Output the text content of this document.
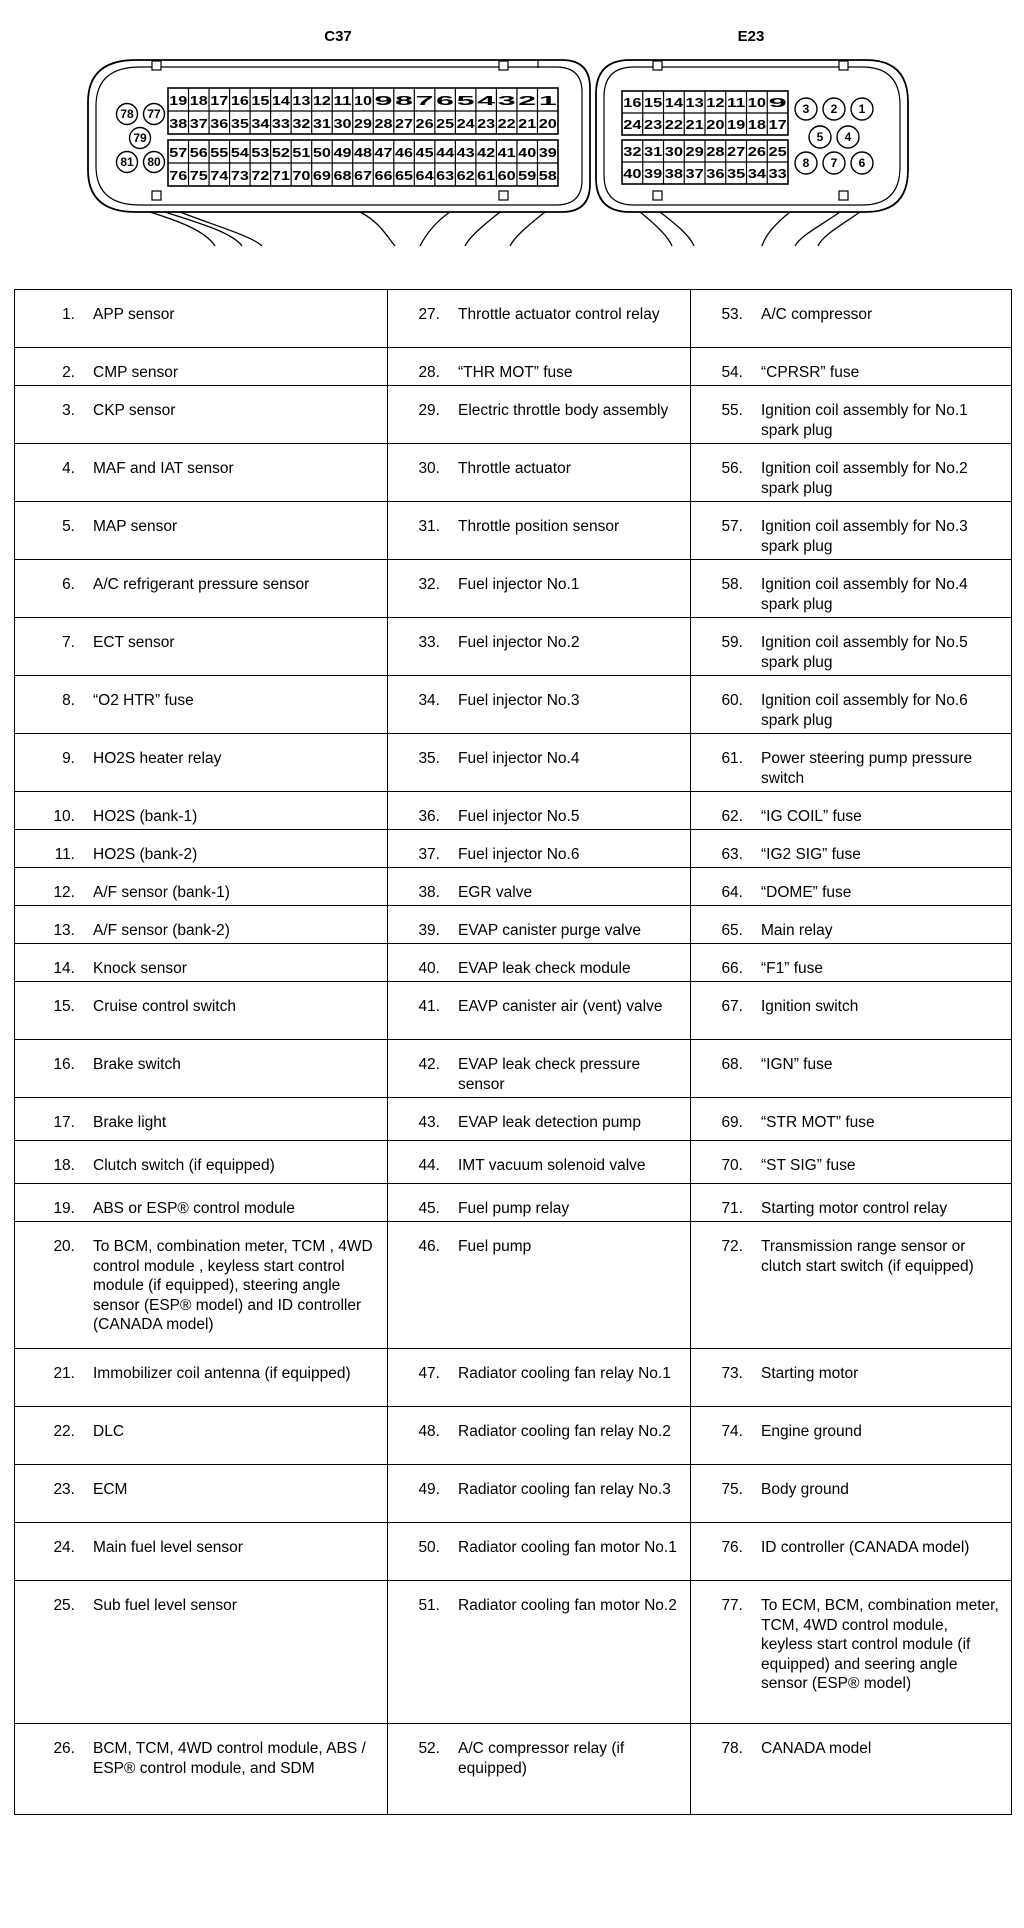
C37
19 18 17 16 15 14 13 12 11 10 9 8 7 6 5 4 3 2 1
38 37 36 35 34 33 32 31 30 29 28 27 26 25 24 23 22 21 20
57 56 55 54 53 52 51 50 49 48 47 46 45 44 43 42 41 40 39
76 75 74 73 72 71 70 69 68 67 66 65 64 63 62 61 60 59 58
78 77
79
81 80
E23
16 15 14 13 12 11 10 9
24 23 22 21 20 19 18 17
32 31 30 29 28 27 26 25
40 39 38 37 36 35 34 33
3 2 1
5 4
8 7 6
1. APP sensor	27. Throttle actuator control relay	53. A/C compressor

2. CMP sensor	28. “THR MOT” fuse	54. “CPRSR” fuse

3. CKP sensor	29. Electric throttle body assembly	55. Ignition coil assembly for No.1 spark plug

4. MAF and IAT sensor	30. Throttle actuator	56. Ignition coil assembly for No.2 spark plug

5. MAP sensor	31. Throttle position sensor	57. Ignition coil assembly for No.3 spark plug

6. A/C refrigerant pressure sensor	32. Fuel injector No.1	58. Ignition coil assembly for No.4 spark plug

7. ECT sensor	33. Fuel injector No.2	59. Ignition coil assembly for No.5 spark plug

8. “O2 HTR” fuse	34. Fuel injector No.3	60. Ignition coil assembly for No.6 spark plug

9. HO2S heater relay	35. Fuel injector No.4	61. Power steering pump pressure switch

10. HO2S (bank-1)	36. Fuel injector No.5	62. “IG COIL” fuse

11. HO2S (bank-2)	37. Fuel injector No.6	63. “IG2 SIG” fuse

12. A/F sensor (bank-1)	38. EGR valve	64. “DOME” fuse

13. A/F sensor (bank-2)	39. EVAP canister purge valve	65. Main relay

14. Knock sensor	40. EVAP leak check module	66. “F1” fuse

15. Cruise control switch	41. EAVP canister air (vent) valve	67. Ignition switch

16. Brake switch	42. EVAP leak check pressure sensor	68. “IGN” fuse

17. Brake light	43. EVAP leak detection pump	69. “STR MOT” fuse

18. Clutch switch (if equipped)	44. IMT vacuum solenoid valve	70. “ST SIG” fuse

19. ABS or ESP® control module	45. Fuel pump relay	71. Starting motor control relay

20. To BCM, combination meter, TCM , 4WD control module , keyless start control module (if equipped), steering angle sensor (ESP® model) and ID controller (CANADA model)	46. Fuel pump	72. Transmission range sensor or clutch start switch (if equipped)

21. Immobilizer coil antenna (if equipped)	47. Radiator cooling fan relay No.1	73. Starting motor

22. DLC	48. Radiator cooling fan relay No.2	74. Engine ground

23. ECM	49. Radiator cooling fan relay No.3	75. Body ground

24. Main fuel level sensor	50. Radiator cooling fan motor No.1	76. ID controller (CANADA model)

25. Sub fuel level sensor	51. Radiator cooling fan motor No.2	77. To ECM, BCM, combination meter, TCM, 4WD control module, keyless start control module (if equipped) and seering angle sensor (ESP® model)

26. BCM, TCM, 4WD control module, ABS / ESP® control module, and SDM	52. A/C compressor relay (if equipped)	78. CANADA model
